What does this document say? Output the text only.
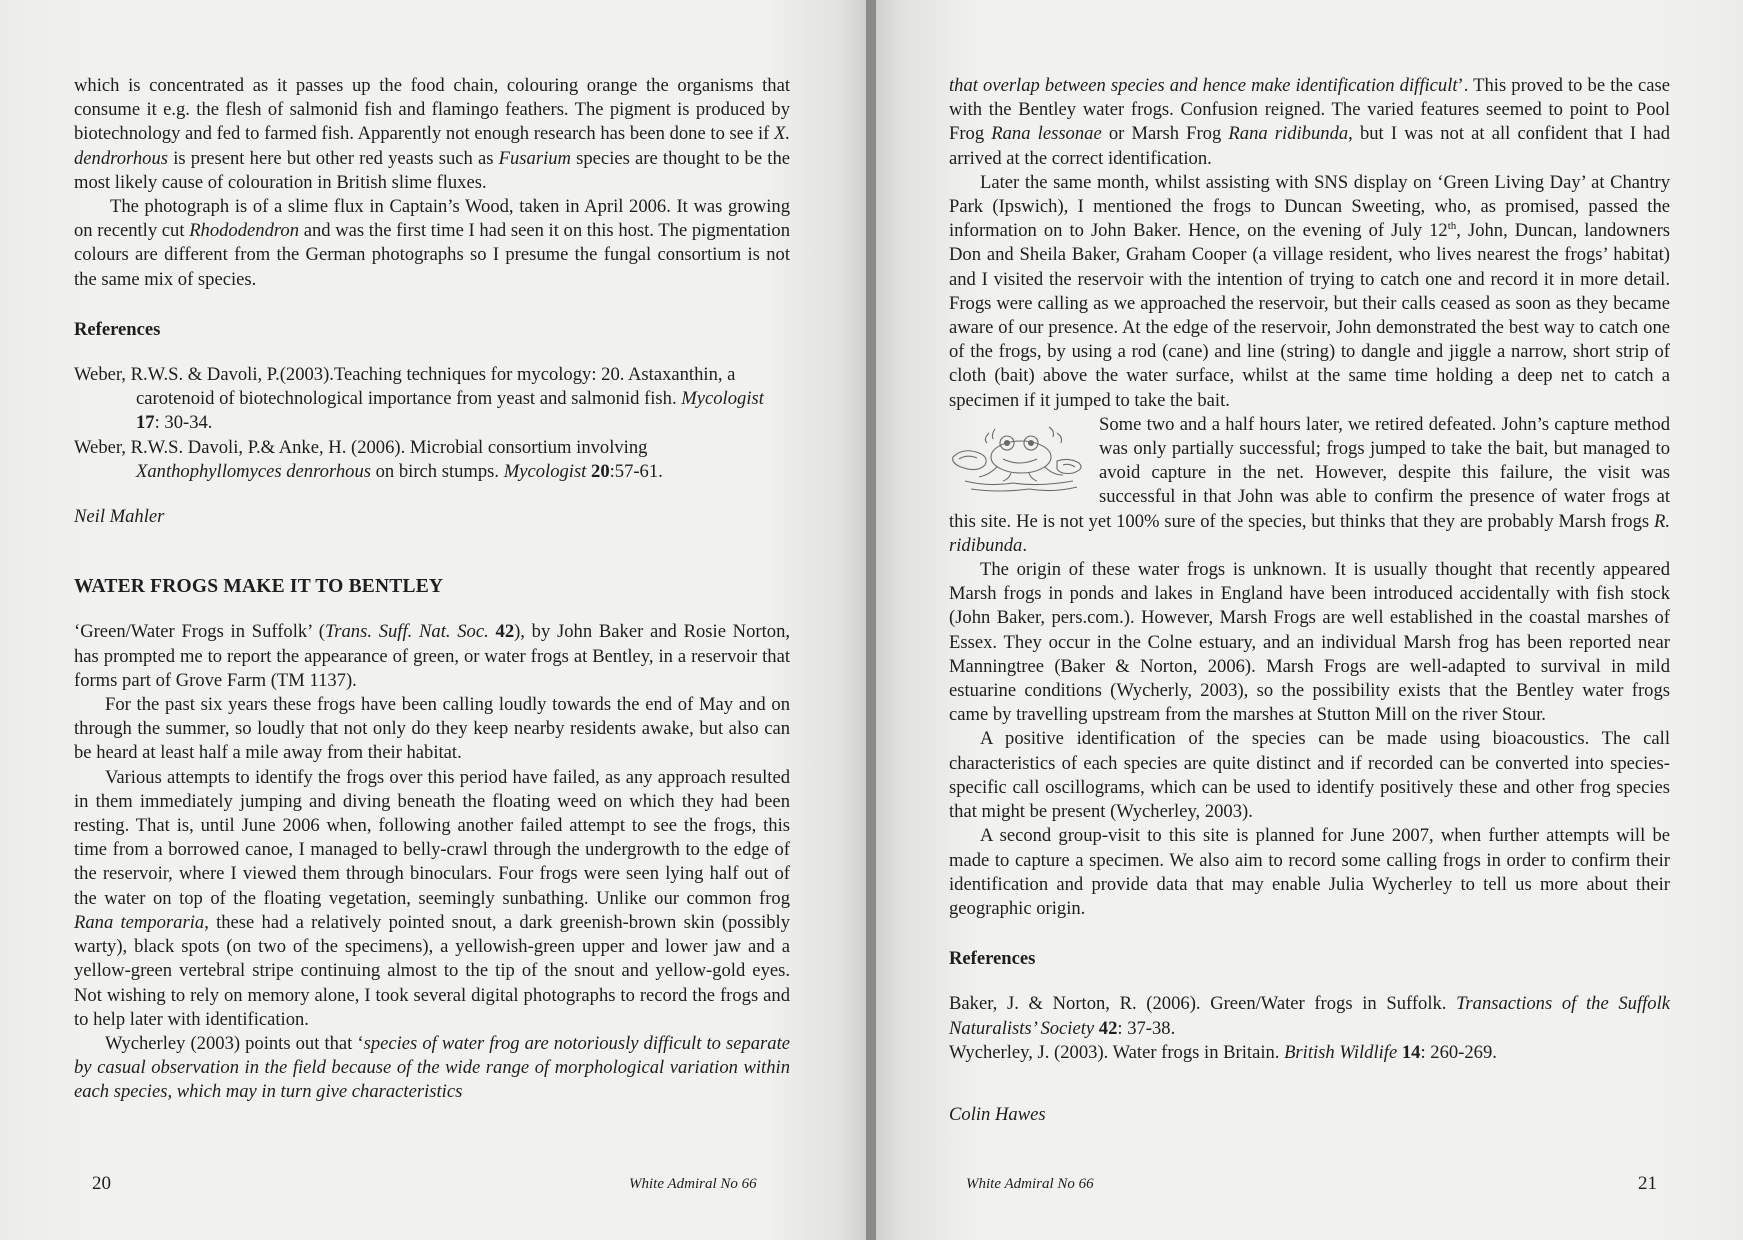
which is concentrated as it passes up the food chain, colouring orange the organisms that consume it e.g. the flesh of salmonid fish and flamingo feathers. The pigment is produced by biotechnology and fed to farmed fish. Apparently not enough research has been done to see if X. dendrorhous is present here but other red yeasts such as Fusarium species are thought to be the most likely cause of colouration in British slime fluxes.

The photograph is of a slime flux in Captain’s Wood, taken in April 2006. It was growing on recently cut Rhododendron and was the first time I had seen it on this host. The pigmentation colours are different from the German photographs so I presume the fungal consortium is not the same mix of species.

References

Weber, R.W.S. & Davoli, P.(2003).Teaching techniques for mycology: 20. Astaxanthin, a carotenoid of biotechnological importance from yeast and salmonid fish. Mycologist 17: 30-34.

Weber, R.W.S. Davoli, P.& Anke, H. (2006). Microbial consortium involving Xanthophyllomyces denrorhous on birch stumps. Mycologist 20:57-61.

Neil Mahler

WATER FROGS MAKE IT TO BENTLEY

‘Green/Water Frogs in Suffolk’ (Trans. Suff. Nat. Soc. 42), by John Baker and Rosie Norton, has prompted me to report the appearance of green, or water frogs at Bentley, in a reservoir that forms part of Grove Farm (TM 1137).

For the past six years these frogs have been calling loudly towards the end of May and on through the summer, so loudly that not only do they keep nearby residents awake, but also can be heard at least half a mile away from their habitat.

Various attempts to identify the frogs over this period have failed, as any approach resulted in them immediately jumping and diving beneath the floating weed on which they had been resting. That is, until June 2006 when, following another failed attempt to see the frogs, this time from a borrowed canoe, I managed to belly-crawl through the undergrowth to the edge of the reservoir, where I viewed them through binoculars. Four frogs were seen lying half out of the water on top of the floating vegetation, seemingly sunbathing. Unlike our common frog Rana temporaria, these had a relatively pointed snout, a dark greenish-brown skin (possibly warty), black spots (on two of the specimens), a yellowish-green upper and lower jaw and a yellow-green vertebral stripe continuing almost to the tip of the snout and yellow-gold eyes. Not wishing to rely on memory alone, I took several digital photographs to record the frogs and to help later with identification.

Wycherley (2003) points out that ‘species of water frog are notoriously difficult to separate by casual observation in the field because of the wide range of morphological variation within each species, which may in turn give characteristics

20	White Admiral No 66

that overlap between species and hence make identification difficult’. This proved to be the case with the Bentley water frogs. Confusion reigned. The varied features seemed to point to Pool Frog Rana lessonae or Marsh Frog Rana ridibunda, but I was not at all confident that I had arrived at the correct identification.

Later the same month, whilst assisting with SNS display on ‘Green Living Day’ at Chantry Park (Ipswich), I mentioned the frogs to Duncan Sweeting, who, as promised, passed the information on to John Baker. Hence, on the evening of July 12th, John, Duncan, landowners Don and Sheila Baker, Graham Cooper (a village resident, who lives nearest the frogs’ habitat) and I visited the reservoir with the intention of trying to catch one and record it in more detail. Frogs were calling as we approached the reservoir, but their calls ceased as soon as they became aware of our presence. At the edge of the reservoir, John demonstrated the best way to catch one of the frogs, by using a rod (cane) and line (string) to dangle and jiggle a narrow, short strip of cloth (bait) above the water surface, whilst at the same time holding a deep net to catch a specimen if it jumped to take the bait.

Some two and a half hours later, we retired defeated. John’s capture method was only partially successful; frogs jumped to take the bait, but managed to avoid capture in the net. However, despite this failure, the visit was successful in that John was able to confirm the presence of water frogs at this site. He is not yet 100% sure of the species, but thinks that they are probably Marsh frogs R. ridibunda.

The origin of these water frogs is unknown. It is usually thought that recently appeared Marsh frogs in ponds and lakes in England have been introduced accidentally with fish stock (John Baker, pers.com.). However, Marsh Frogs are well established in the coastal marshes of Essex. They occur in the Colne estuary, and an individual Marsh frog has been reported near Manningtree (Baker & Norton, 2006). Marsh Frogs are well-adapted to survival in mild estuarine conditions (Wycherly, 2003), so the possibility exists that the Bentley water frogs came by travelling upstream from the marshes at Stutton Mill on the river Stour.

A positive identification of the species can be made using bioacoustics. The call characteristics of each species are quite distinct and if recorded can be converted into species-specific call oscillograms, which can be used to identify positively these and other frog species that might be present (Wycherley, 2003).

A second group-visit to this site is planned for June 2007, when further attempts will be made to capture a specimen. We also aim to record some calling frogs in order to confirm their identification and provide data that may enable Julia Wycherley to tell us more about their geographic origin.

References

Baker, J. & Norton, R. (2006). Green/Water frogs in Suffolk. Transactions of the Suffolk Naturalists’ Society 42: 37-38.

Wycherley, J. (2003). Water frogs in Britain. British Wildlife 14: 260-269.

Colin Hawes

White Admiral No 66	21
